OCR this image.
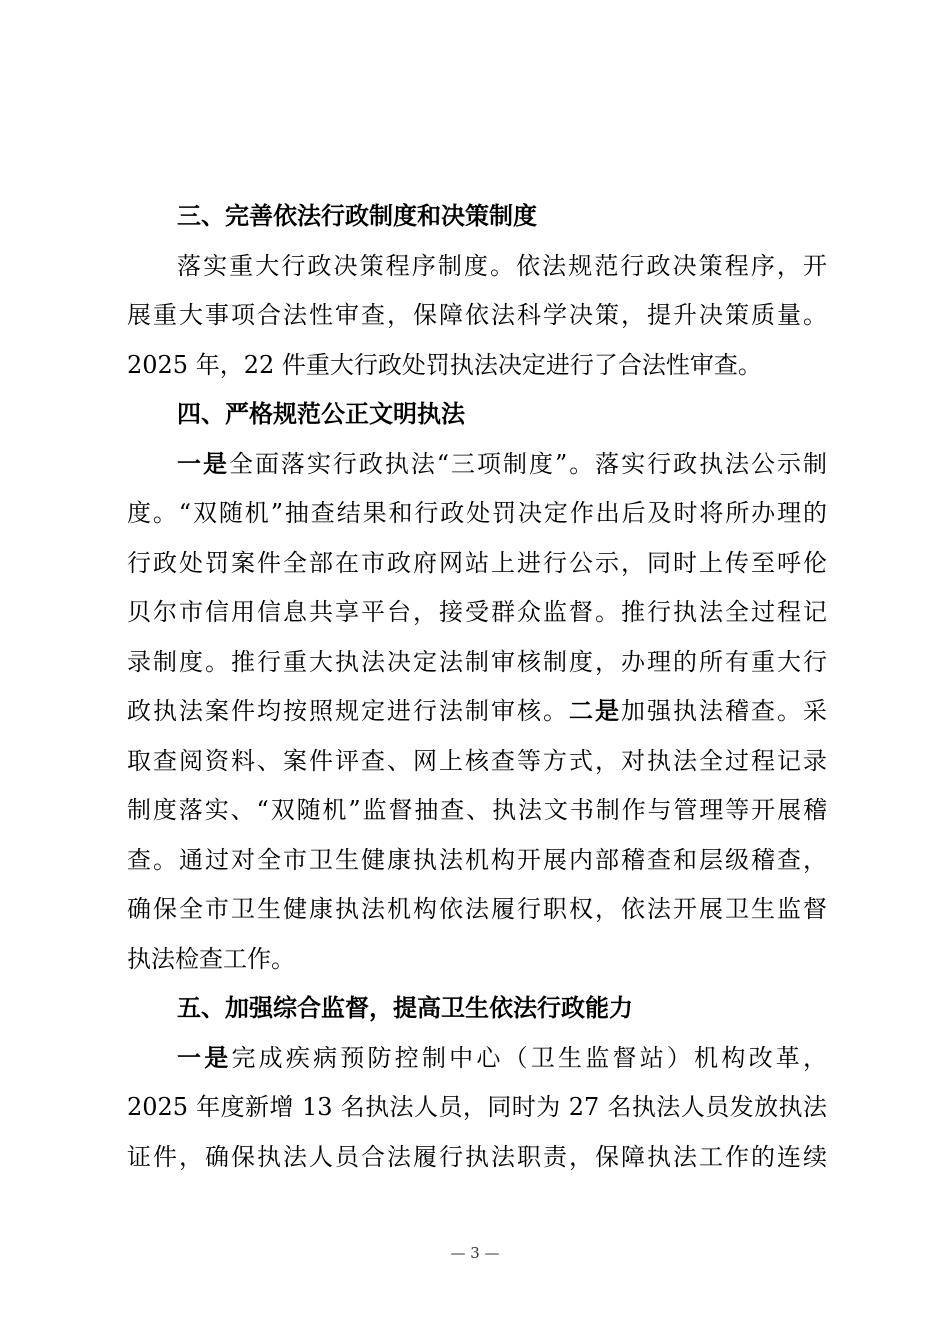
三、完善依法行政制度和决策制度
落实重大行政决策程序制度。依法规范行政决策程序，开
展重大事项合法性审查，保障依法科学决策，提升决策质量。
2025 年，22 件重大行政处罚执法决定进行了合法性审查。
四、严格规范公正文明执法
一是全面落实行政执法“三项制度”。落实行政执法公示制
度。“双随机”抽查结果和行政处罚决定作出后及时将所办理的
行政处罚案件全部在市政府网站上进行公示，同时上传至呼伦
贝尔市信用信息共享平台，接受群众监督。推行执法全过程记
录制度。推行重大执法决定法制审核制度，办理的所有重大行
政执法案件均按照规定进行法制审核。二是加强执法稽查。采
取查阅资料、案件评查、网上核查等方式，对执法全过程记录
制度落实、“双随机”监督抽查、执法文书制作与管理等开展稽
查。通过对全市卫生健康执法机构开展内部稽查和层级稽查，
确保全市卫生健康执法机构依法履行职权，依法开展卫生监督
执法检查工作。
五、加强综合监督，提高卫生依法行政能力
一是完成疾病预防控制中心（卫生监督站）机构改革，
2025 年度新增 13 名执法人员，同时为 27 名执法人员发放执法
证件，确保执法人员合法履行执法职责，保障执法工作的连续
— 3 —
